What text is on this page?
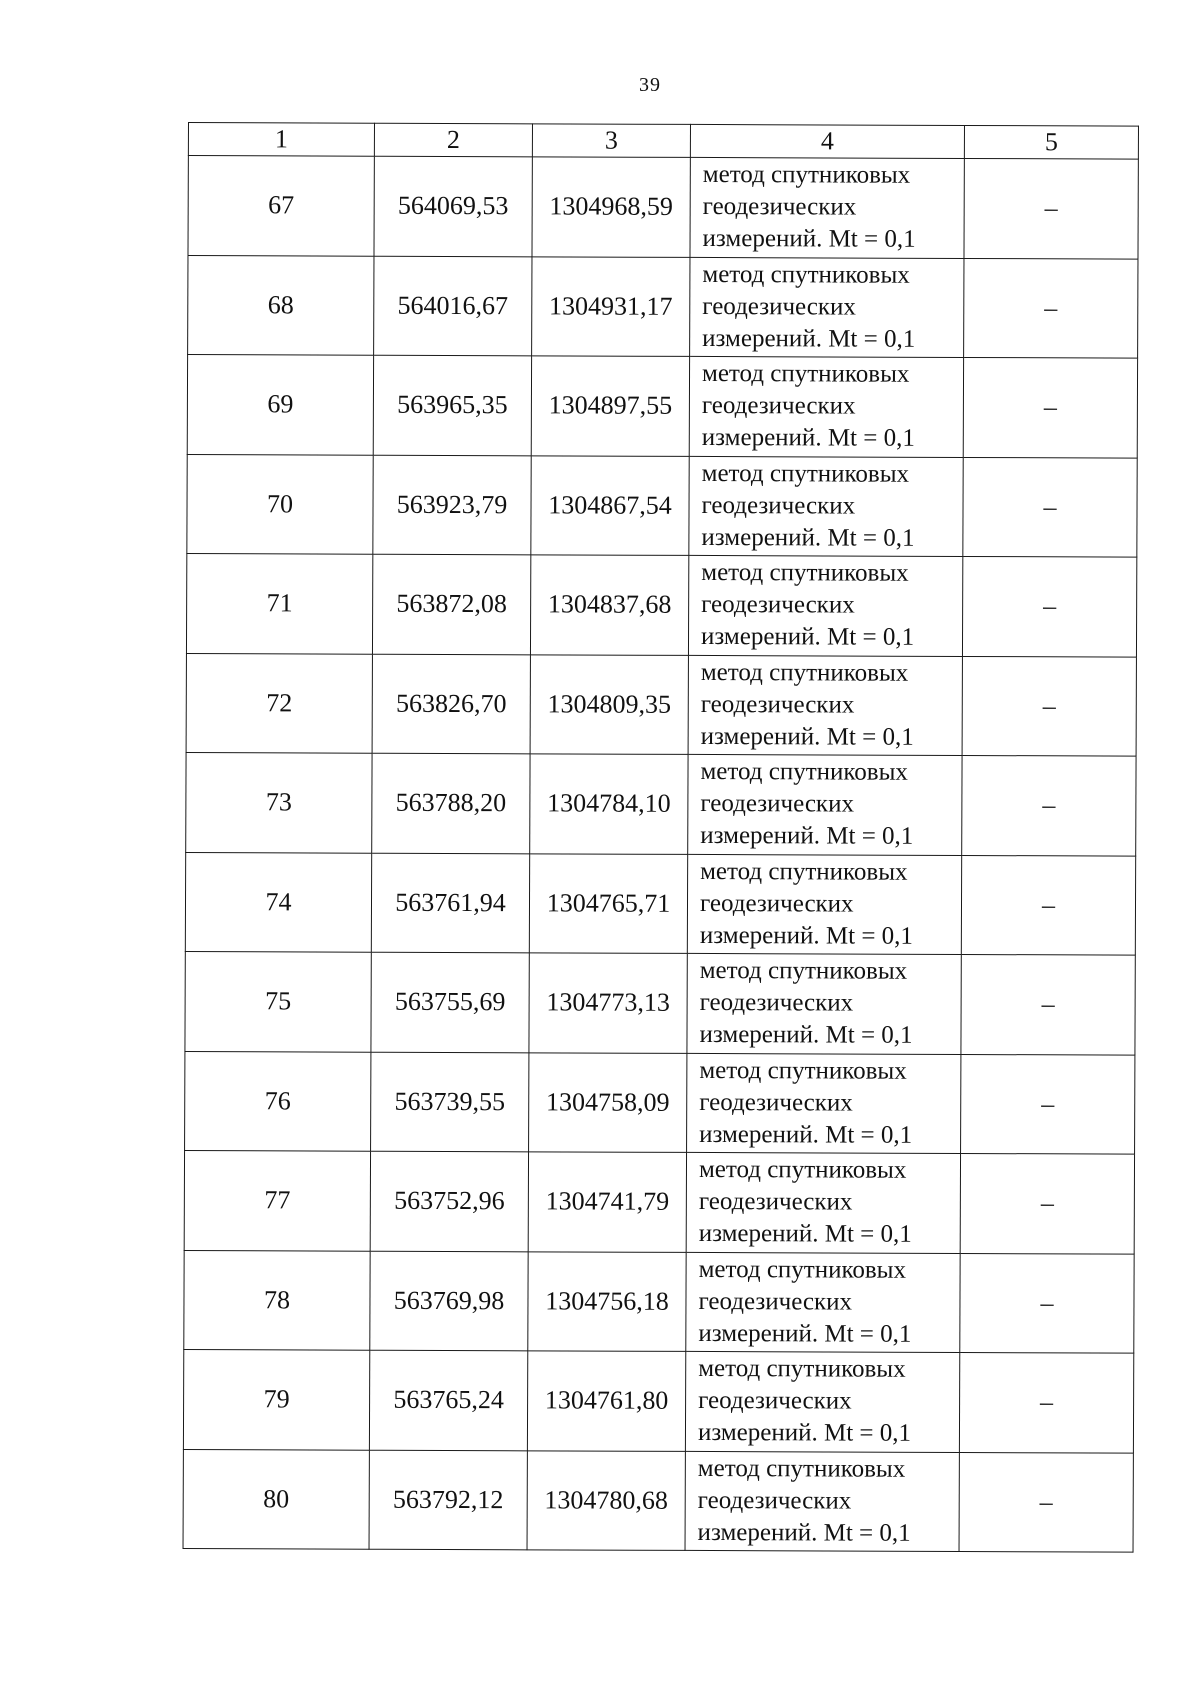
39
1	2	3	4	5
67	564069,53	1304968,59	метод спутниковых
геодезических
измерений. Mt = 0,1	–
68	564016,67	1304931,17	метод спутниковых
геодезических
измерений. Mt = 0,1	–
69	563965,35	1304897,55	метод спутниковых
геодезических
измерений. Mt = 0,1	–
70	563923,79	1304867,54	метод спутниковых
геодезических
измерений. Mt = 0,1	–
71	563872,08	1304837,68	метод спутниковых
геодезических
измерений. Mt = 0,1	–
72	563826,70	1304809,35	метод спутниковых
геодезических
измерений. Mt = 0,1	–
73	563788,20	1304784,10	метод спутниковых
геодезических
измерений. Mt = 0,1	–
74	563761,94	1304765,71	метод спутниковых
геодезических
измерений. Mt = 0,1	–
75	563755,69	1304773,13	метод спутниковых
геодезических
измерений. Mt = 0,1	–
76	563739,55	1304758,09	метод спутниковых
геодезических
измерений. Mt = 0,1	–
77	563752,96	1304741,79	метод спутниковых
геодезических
измерений. Mt = 0,1	–
78	563769,98	1304756,18	метод спутниковых
геодезических
измерений. Mt = 0,1	–
79	563765,24	1304761,80	метод спутниковых
геодезических
измерений. Mt = 0,1	–
80	563792,12	1304780,68	метод спутниковых
геодезических
измерений. Mt = 0,1	–
